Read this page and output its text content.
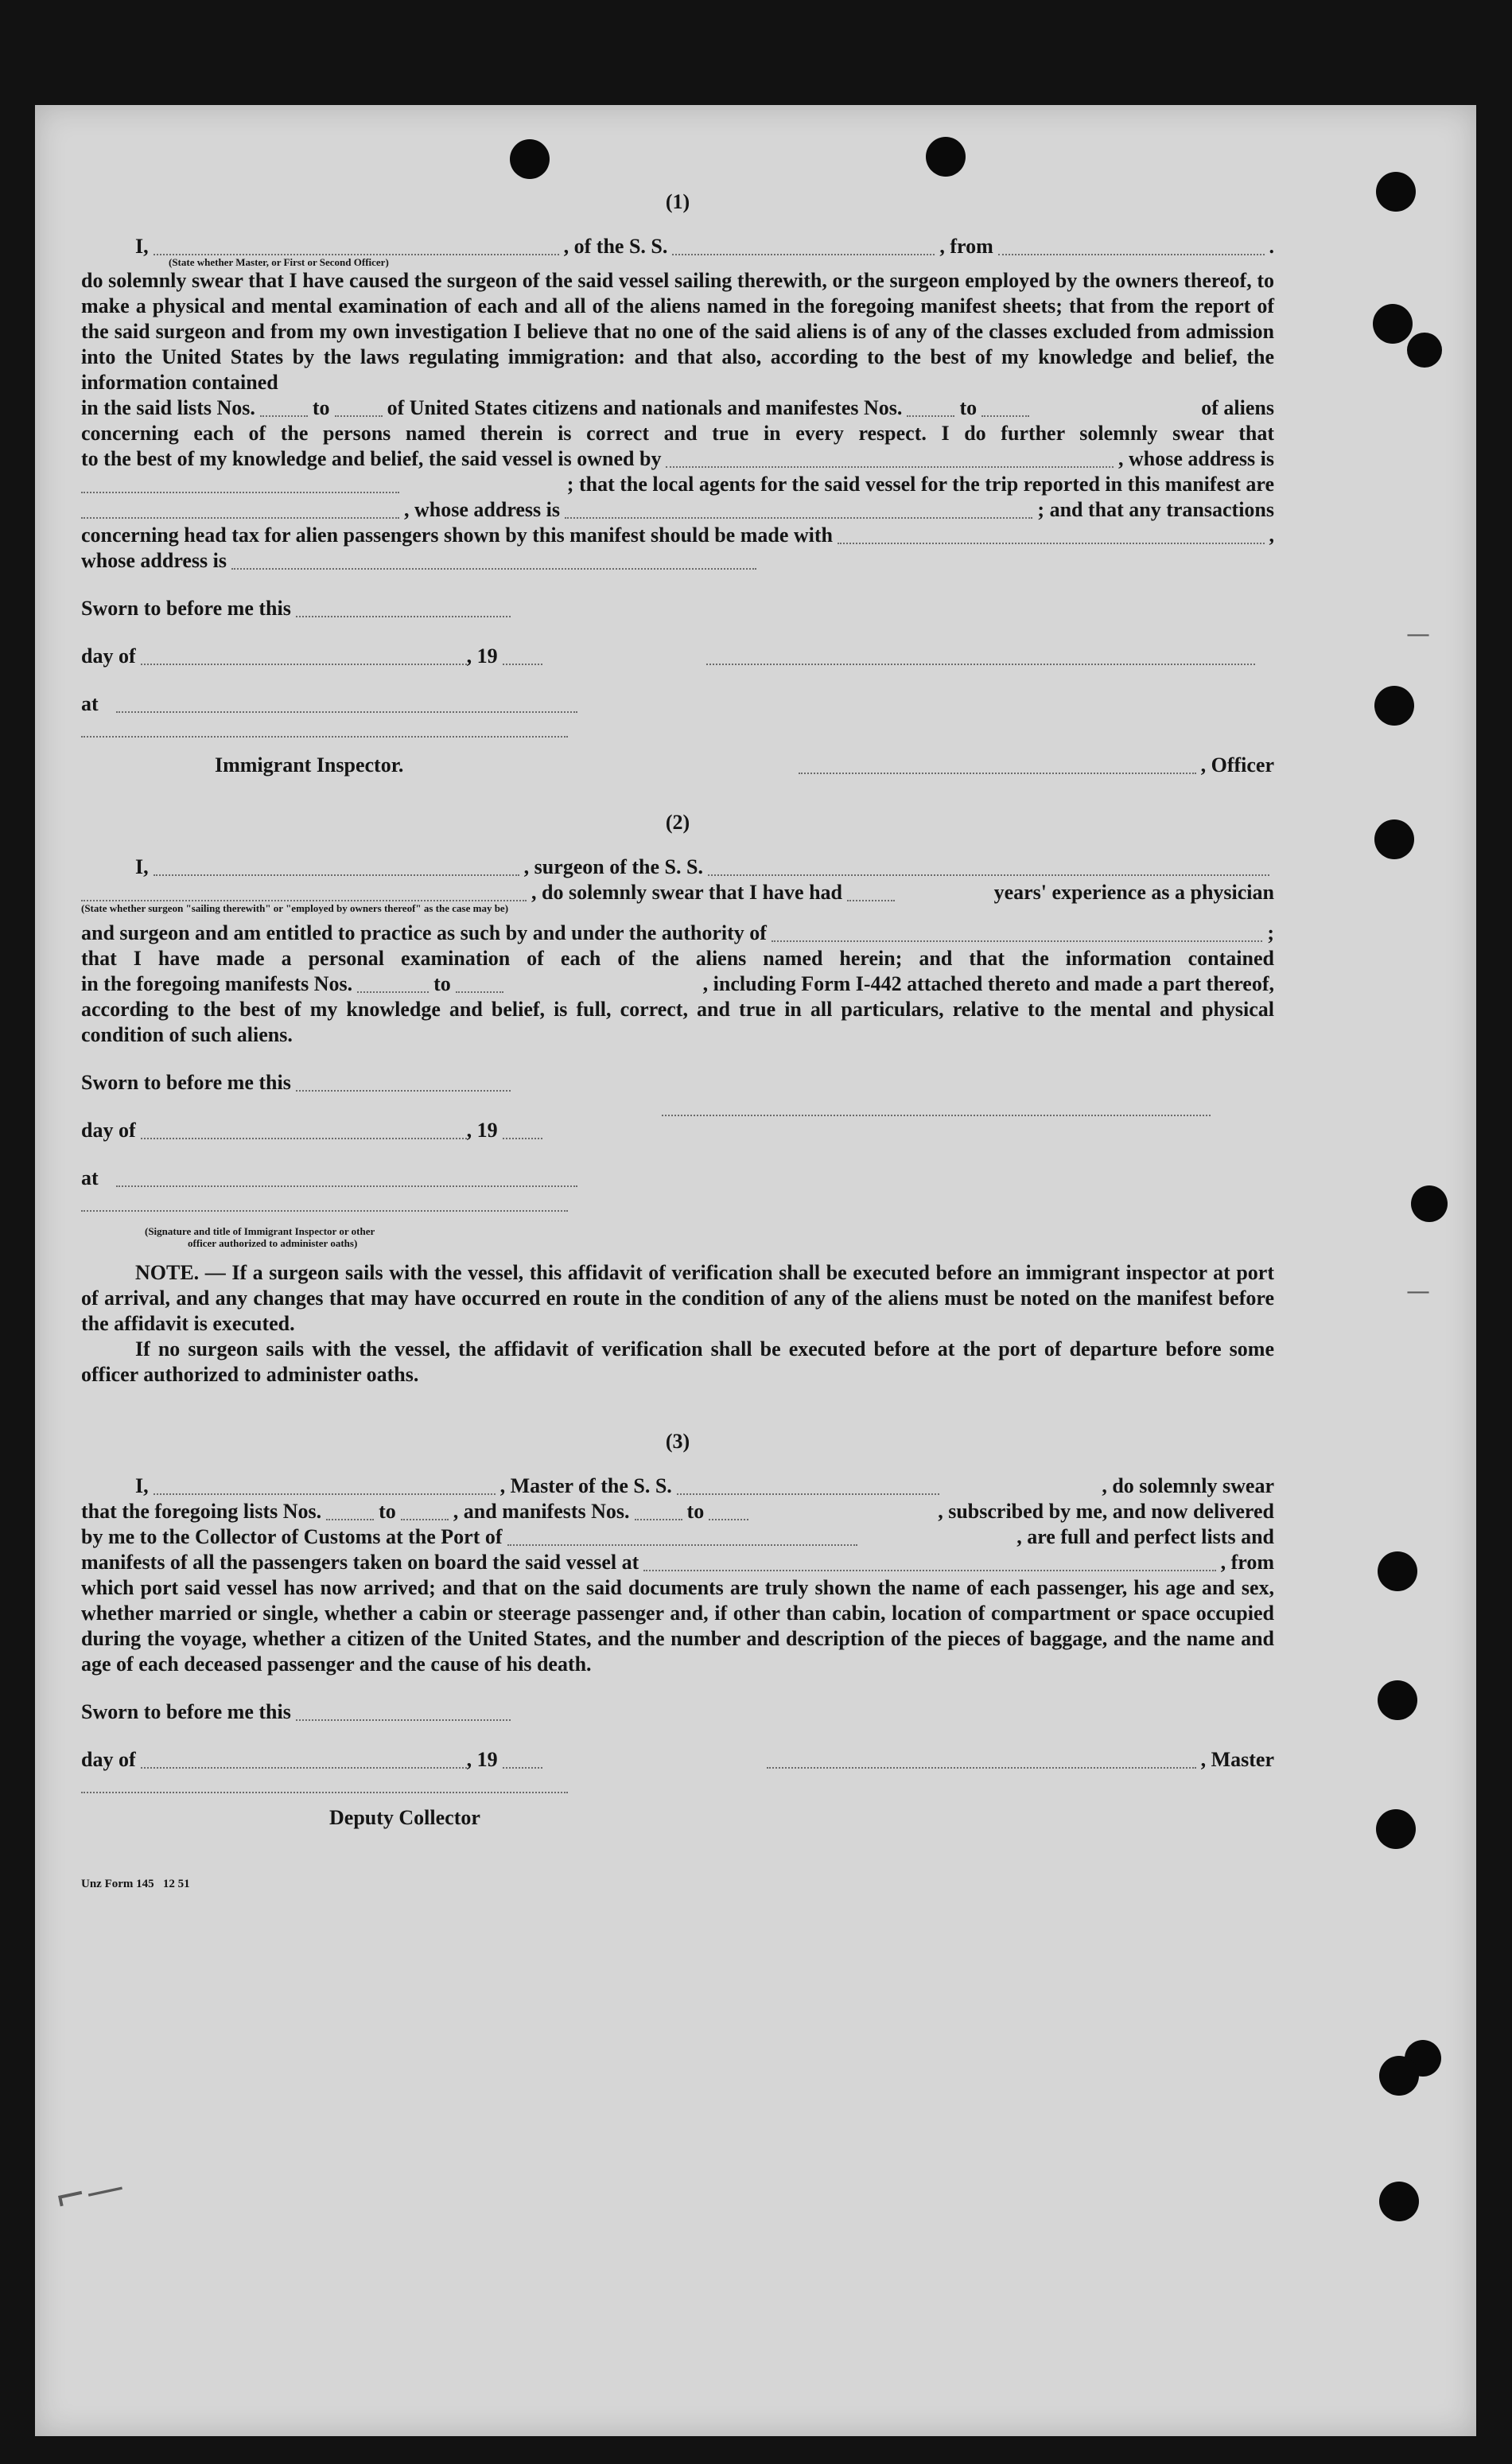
—
—
⌐—
(1)
I,	, of the S. S.	, from	.
(State whether Master, or First or Second Officer)

do solemnly swear that I have caused the surgeon of the said vessel sailing therewith, or the surgeon employed by the owners thereof, to make a physical and mental examination of each and all of the aliens named in the foregoing manifest sheets; that from the report of the said surgeon and from my own investigation I believe that no one of the said aliens is of any of the classes excluded from admission into the United States by the laws regulating immigration: and that also, according to the best of my knowledge and belief, the information contained

in the said lists Nos.	to	of United States citizens and nationals and manifestes Nos.	to	of aliens

concerning each of the persons named therein is correct and true in every respect. I do further solemnly swear that

to the best of my knowledge and belief, the said vessel is owned by	, whose address is
; that the local agents for the said vessel for the trip reported in this manifest are
, whose address is	; and that any transactions
concerning head tax for alien passengers shown by this manifest should be made with	,
whose address is
Sworn to before me this
day of	, 19
at
Immigrant Inspector.	, Officer
(2)
I,	, surgeon of the S. S.
, do solemnly swear that I have had	years' experience as a physician
(State whether surgeon "sailing therewith" or "employed by owners thereof" as the case may be)
and surgeon and am entitled to practice as such by and under the authority of	;

that I have made a personal examination of each of the aliens named herein; and that the information contained

in the foregoing manifests Nos.	to	, including Form I-442 attached thereto and made a part thereof,

according to the best of my knowledge and belief, is full, correct, and true in all particulars, relative to the mental and physical condition of such aliens.

Sworn to before me this
day of	, 19
at
(Signature and title of Immigrant Inspector or other
officer authorized to administer oaths)

NOTE. — If a surgeon sails with the vessel, this affidavit of verification shall be executed before an immigrant inspector at port of arrival, and any changes that may have occurred en route in the condition of any of the aliens must be noted on the manifest before the affidavit is executed.

If no surgeon sails with the vessel, the affidavit of verification shall be executed before at the port of departure before some officer authorized to administer oaths.

(3)
I,	, Master of the S. S.	, do solemnly swear
that the foregoing lists Nos.	to	, and manifests Nos.	to	, subscribed by me, and now delivered
by me to the Collector of Customs at the Port of	, are full and perfect lists and
manifests of all the passengers taken on board the said vessel at	, from

which port said vessel has now arrived; and that on the said documents are truly shown the name of each passenger, his age and sex, whether married or single, whether a cabin or steerage passenger and, if other than cabin, location of compartment or space occupied during the voyage, whether a citizen of the United States, and the number and description of the pieces of baggage, and the name and age of each deceased passenger and the cause of his death.

Sworn to before me this
day of	, 19	, Master
Deputy Collector
Unz Form 145   12 51
